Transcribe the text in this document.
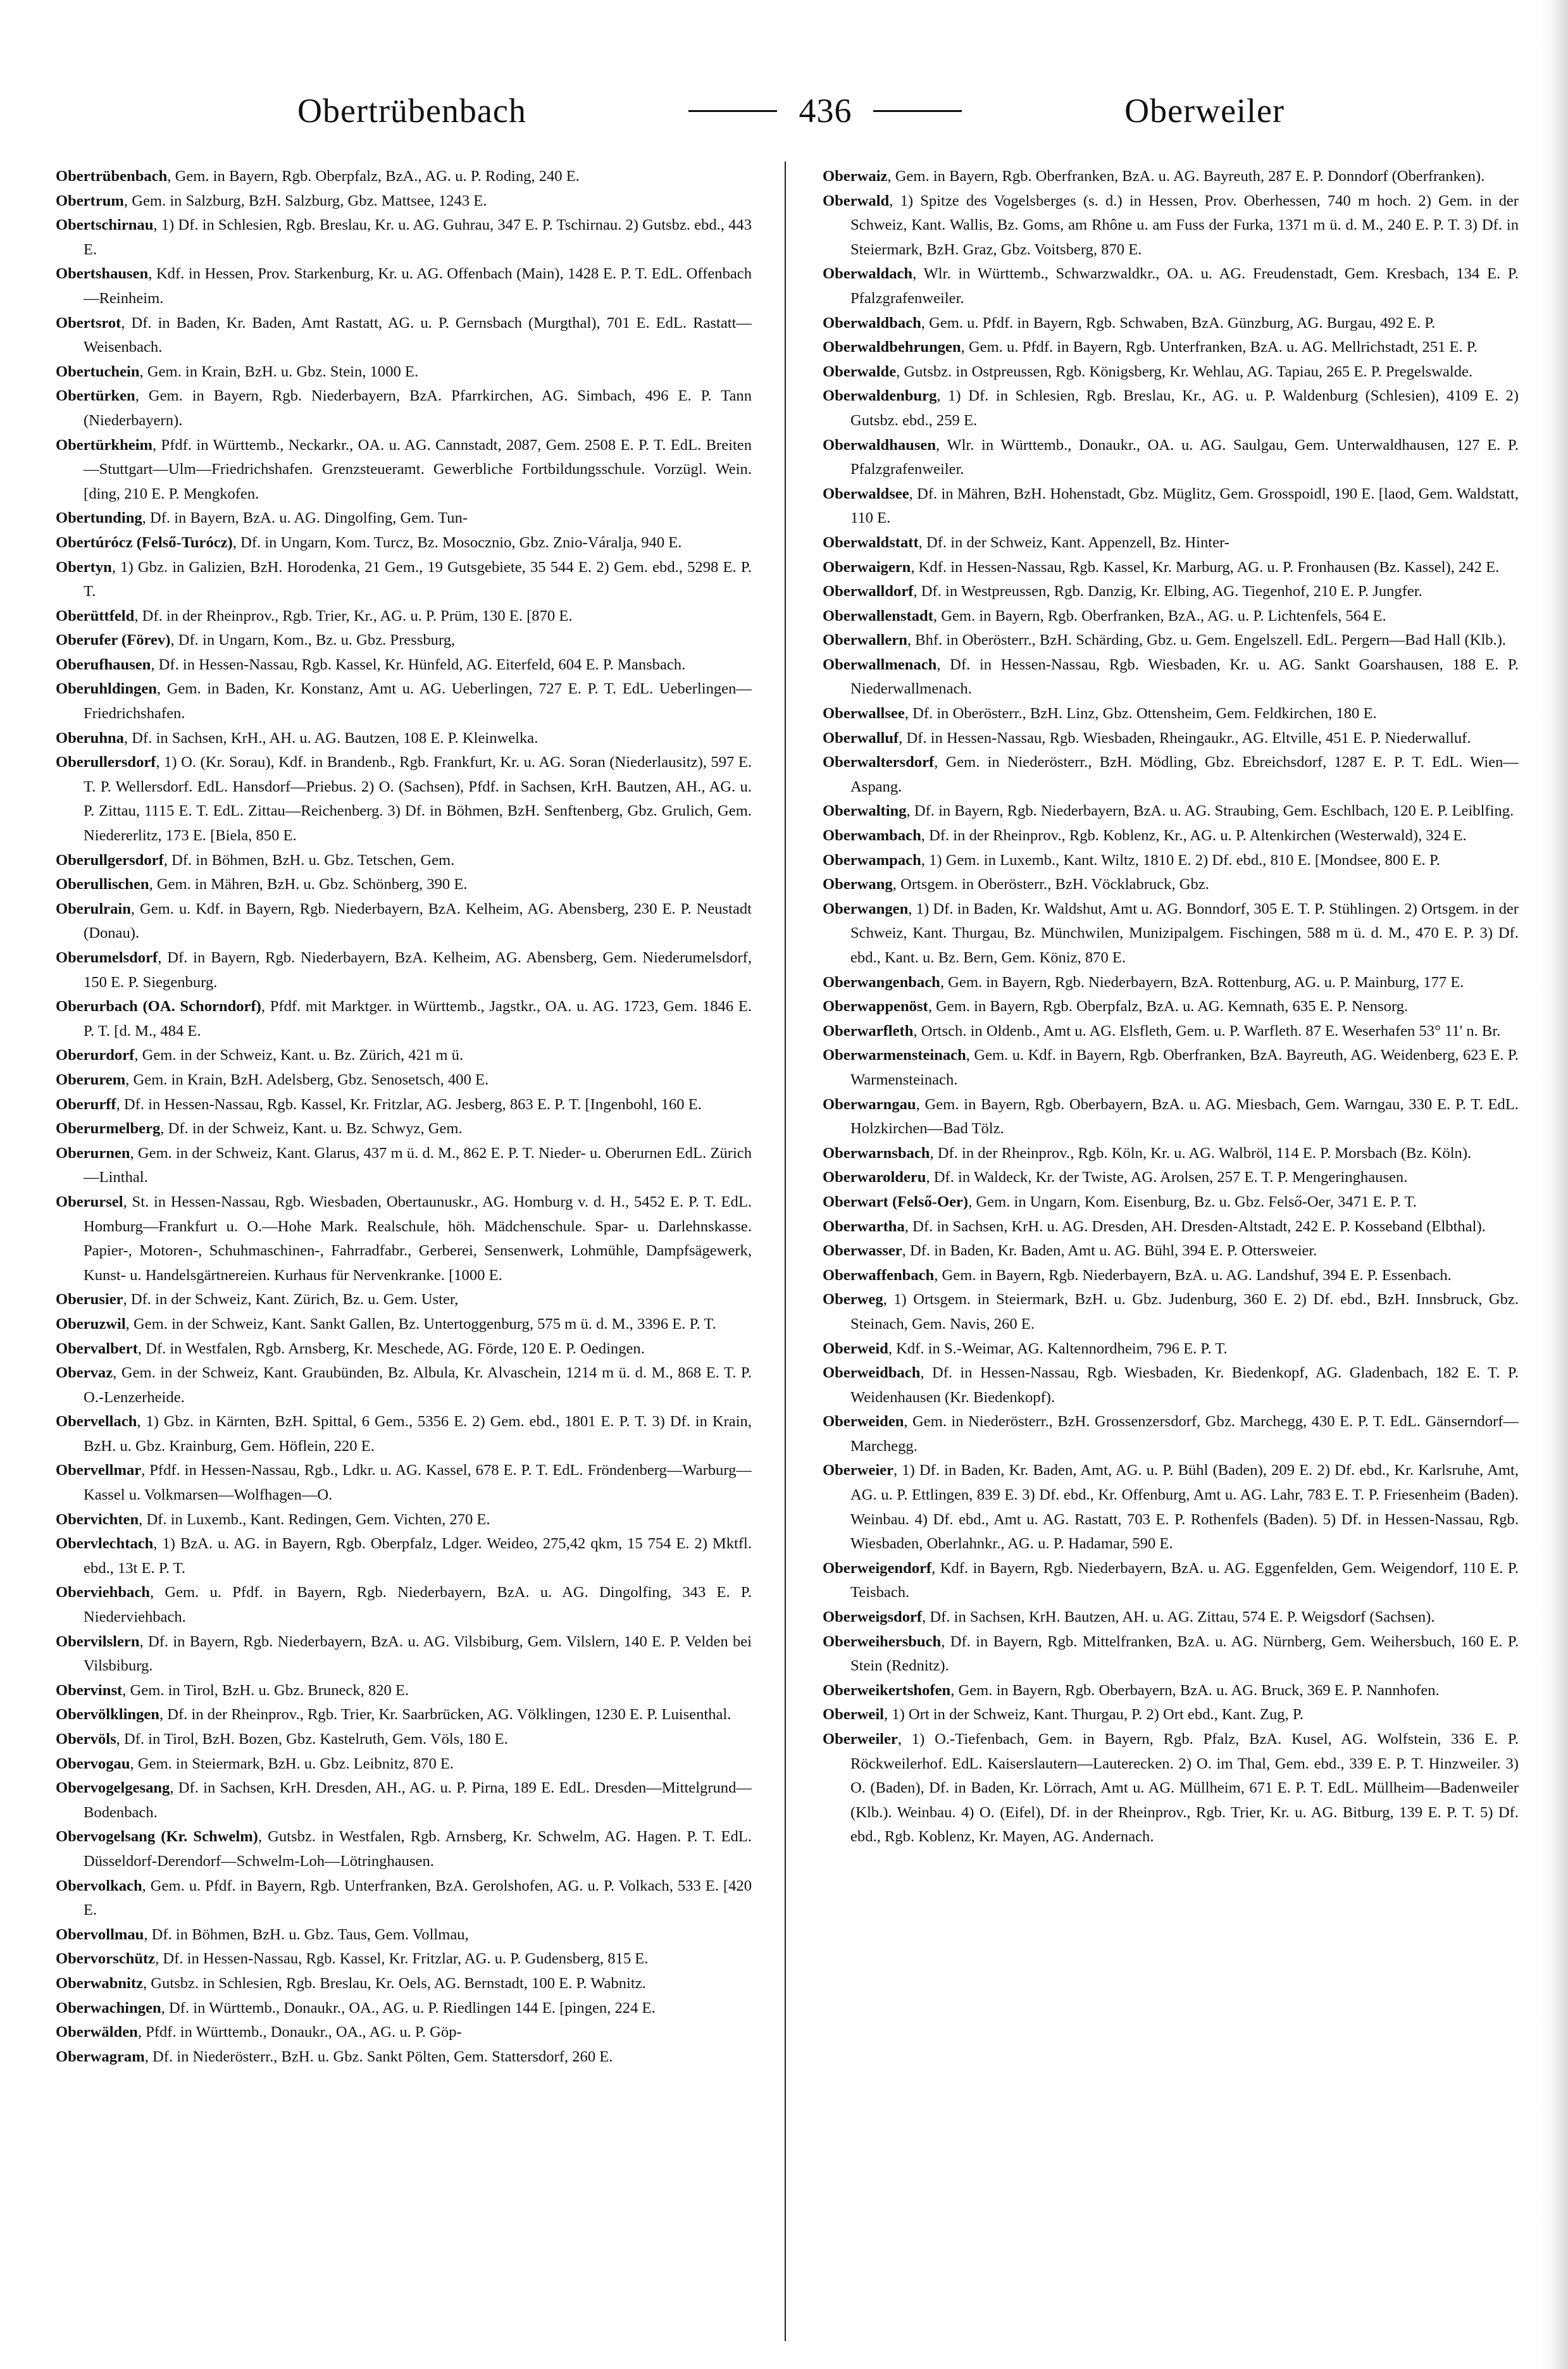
Obertrübenbach	436	Oberweiler

Obertrübenbach, Gem. in Bayern, Rgb. Oberpfalz, BzA., AG. u. P. Roding, 240 E.

Obertrum, Gem. in Salzburg, BzH. Salzburg, Gbz. Mattsee, 1243 E.

Obertschirnau, 1) Df. in Schlesien, Rgb. Breslau, Kr. u. AG. Guhrau, 347 E. P. Tschirnau. 2) Gutsbz. ebd., 443 E.

Obertshausen, Kdf. in Hessen, Prov. Starkenburg, Kr. u. AG. Offenbach (Main), 1428 E. P. T. EdL. Offenbach—Reinheim.

Obertsrot, Df. in Baden, Kr. Baden, Amt Rastatt, AG. u. P. Gernsbach (Murgthal), 701 E. EdL. Rastatt—Weisenbach.

Obertuchein, Gem. in Krain, BzH. u. Gbz. Stein, 1000 E.

Obertürken, Gem. in Bayern, Rgb. Niederbayern, BzA. Pfarrkirchen, AG. Simbach, 496 E. P. Tann (Niederbayern).

Obertürkheim, Pfdf. in Württemb., Neckarkr., OA. u. AG. Cannstadt, 2087, Gem. 2508 E. P. T. EdL. Breiten—Stuttgart—Ulm—Friedrichshafen. Grenzsteueramt. Gewerbliche Fortbildungsschule. Vorzügl. Wein. [ding, 210 E. P. Mengkofen.

Obertunding, Df. in Bayern, BzA. u. AG. Dingolfing, Gem. Tun-

Obertúrócz (Felső-Turócz), Df. in Ungarn, Kom. Turcz, Bz. Mosocznio, Gbz. Znio-Váralja, 940 E.

Obertyn, 1) Gbz. in Galizien, BzH. Horodenka, 21 Gem., 19 Gutsgebiete, 35 544 E. 2) Gem. ebd., 5298 E. P. T.

Oberüttfeld, Df. in der Rheinprov., Rgb. Trier, Kr., AG. u. P. Prüm, 130 E. [870 E.

Oberufer (Förev), Df. in Ungarn, Kom., Bz. u. Gbz. Pressburg,

Oberufhausen, Df. in Hessen-Nassau, Rgb. Kassel, Kr. Hünfeld, AG. Eiterfeld, 604 E. P. Mansbach.

Oberuhldingen, Gem. in Baden, Kr. Konstanz, Amt u. AG. Ueberlingen, 727 E. P. T. EdL. Ueberlingen—Friedrichshafen.

Oberuhna, Df. in Sachsen, KrH., AH. u. AG. Bautzen, 108 E. P. Kleinwelka.

Oberullersdorf, 1) O. (Kr. Sorau), Kdf. in Brandenb., Rgb. Frankfurt, Kr. u. AG. Soran (Niederlausitz), 597 E. T. P. Wellersdorf. EdL. Hansdorf—Priebus. 2) O. (Sachsen), Pfdf. in Sachsen, KrH. Bautzen, AH., AG. u. P. Zittau, 1115 E. T. EdL. Zittau—Reichenberg. 3) Df. in Böhmen, BzH. Senftenberg, Gbz. Grulich, Gem. Niedererlitz, 173 E. [Biela, 850 E.

Oberullgersdorf, Df. in Böhmen, BzH. u. Gbz. Tetschen, Gem.

Oberullischen, Gem. in Mähren, BzH. u. Gbz. Schönberg, 390 E.

Oberulrain, Gem. u. Kdf. in Bayern, Rgb. Niederbayern, BzA. Kelheim, AG. Abensberg, 230 E. P. Neustadt (Donau).

Oberumelsdorf, Df. in Bayern, Rgb. Niederbayern, BzA. Kelheim, AG. Abensberg, Gem. Niederumelsdorf, 150 E. P. Siegenburg.

Oberurbach (OA. Schorndorf), Pfdf. mit Marktger. in Württemb., Jagstkr., OA. u. AG. 1723, Gem. 1846 E. P. T. [d. M., 484 E.

Oberurdorf, Gem. in der Schweiz, Kant. u. Bz. Zürich, 421 m ü.

Oberurem, Gem. in Krain, BzH. Adelsberg, Gbz. Senosetsch, 400 E.

Oberurff, Df. in Hessen-Nassau, Rgb. Kassel, Kr. Fritzlar, AG. Jesberg, 863 E. P. T. [Ingenbohl, 160 E.

Oberurmelberg, Df. in der Schweiz, Kant. u. Bz. Schwyz, Gem.

Oberurnen, Gem. in der Schweiz, Kant. Glarus, 437 m ü. d. M., 862 E. P. T. Nieder- u. Oberurnen EdL. Zürich—Linthal.

Oberursel, St. in Hessen-Nassau, Rgb. Wiesbaden, Obertaunuskr., AG. Homburg v. d. H., 5452 E. P. T. EdL. Homburg—Frankfurt u. O.—Hohe Mark. Realschule, höh. Mädchenschule. Spar- u. Darlehnskasse. Papier-, Motoren-, Schuhmaschinen-, Fahrradfabr., Gerberei, Sensenwerk, Lohmühle, Dampfsägewerk, Kunst- u. Handelsgärtnereien. Kurhaus für Nervenkranke. [1000 E.

Oberusier, Df. in der Schweiz, Kant. Zürich, Bz. u. Gem. Uster,

Oberuzwil, Gem. in der Schweiz, Kant. Sankt Gallen, Bz. Untertoggenburg, 575 m ü. d. M., 3396 E. P. T.

Obervalbert, Df. in Westfalen, Rgb. Arnsberg, Kr. Meschede, AG. Förde, 120 E. P. Oedingen.

Obervaz, Gem. in der Schweiz, Kant. Graubünden, Bz. Albula, Kr. Alvaschein, 1214 m ü. d. M., 868 E. T. P. O.-Lenzerheide.

Obervellach, 1) Gbz. in Kärnten, BzH. Spittal, 6 Gem., 5356 E. 2) Gem. ebd., 1801 E. P. T. 3) Df. in Krain, BzH. u. Gbz. Krainburg, Gem. Höflein, 220 E.

Obervellmar, Pfdf. in Hessen-Nassau, Rgb., Ldkr. u. AG. Kassel, 678 E. P. T. EdL. Fröndenberg—Warburg—Kassel u. Volkmarsen—Wolfhagen—O.

Obervichten, Df. in Luxemb., Kant. Redingen, Gem. Vichten, 270 E.

Obervlechtach, 1) BzA. u. AG. in Bayern, Rgb. Oberpfalz, Ldger. Weideo, 275,42 qkm, 15 754 E. 2) Mktfl. ebd., 13t E. P. T.

Oberviehbach, Gem. u. Pfdf. in Bayern, Rgb. Niederbayern, BzA. u. AG. Dingolfing, 343 E. P. Niederviehbach.

Obervilslern, Df. in Bayern, Rgb. Niederbayern, BzA. u. AG. Vilsbiburg, Gem. Vilslern, 140 E. P. Velden bei Vilsbiburg.

Obervinst, Gem. in Tirol, BzH. u. Gbz. Bruneck, 820 E.

Obervölklingen, Df. in der Rheinprov., Rgb. Trier, Kr. Saarbrücken, AG. Völklingen, 1230 E. P. Luisenthal.

Obervöls, Df. in Tirol, BzH. Bozen, Gbz. Kastelruth, Gem. Völs, 180 E.

Obervogau, Gem. in Steiermark, BzH. u. Gbz. Leibnitz, 870 E.

Obervogelgesang, Df. in Sachsen, KrH. Dresden, AH., AG. u. P. Pirna, 189 E. EdL. Dresden—Mittelgrund—Bodenbach.

Obervogelsang (Kr. Schwelm), Gutsbz. in Westfalen, Rgb. Arnsberg, Kr. Schwelm, AG. Hagen. P. T. EdL. Düsseldorf-Derendorf—Schwelm-Loh—Lötringhausen.

Obervolkach, Gem. u. Pfdf. in Bayern, Rgb. Unterfranken, BzA. Gerolshofen, AG. u. P. Volkach, 533 E. [420 E.

Obervollmau, Df. in Böhmen, BzH. u. Gbz. Taus, Gem. Vollmau,

Obervorschütz, Df. in Hessen-Nassau, Rgb. Kassel, Kr. Fritzlar, AG. u. P. Gudensberg, 815 E.

Oberwabnitz, Gutsbz. in Schlesien, Rgb. Breslau, Kr. Oels, AG. Bernstadt, 100 E. P. Wabnitz.

Oberwachingen, Df. in Württemb., Donaukr., OA., AG. u. P. Riedlingen 144 E. [pingen, 224 E.

Oberwälden, Pfdf. in Württemb., Donaukr., OA., AG. u. P. Göp-

Oberwagram, Df. in Niederösterr., BzH. u. Gbz. Sankt Pölten, Gem. Stattersdorf, 260 E.

Oberwaiz, Gem. in Bayern, Rgb. Oberfranken, BzA. u. AG. Bayreuth, 287 E. P. Donndorf (Oberfranken).

Oberwald, 1) Spitze des Vogelsberges (s. d.) in Hessen, Prov. Oberhessen, 740 m hoch. 2) Gem. in der Schweiz, Kant. Wallis, Bz. Goms, am Rhône u. am Fuss der Furka, 1371 m ü. d. M., 240 E. P. T. 3) Df. in Steiermark, BzH. Graz, Gbz. Voitsberg, 870 E.

Oberwaldach, Wlr. in Württemb., Schwarzwaldkr., OA. u. AG. Freudenstadt, Gem. Kresbach, 134 E. P. Pfalzgrafenweiler.

Oberwaldbach, Gem. u. Pfdf. in Bayern, Rgb. Schwaben, BzA. Günzburg, AG. Burgau, 492 E. P.

Oberwaldbehrungen, Gem. u. Pfdf. in Bayern, Rgb. Unterfranken, BzA. u. AG. Mellrichstadt, 251 E. P.

Oberwalde, Gutsbz. in Ostpreussen, Rgb. Königsberg, Kr. Wehlau, AG. Tapiau, 265 E. P. Pregelswalde.

Oberwaldenburg, 1) Df. in Schlesien, Rgb. Breslau, Kr., AG. u. P. Waldenburg (Schlesien), 4109 E. 2) Gutsbz. ebd., 259 E.

Oberwaldhausen, Wlr. in Württemb., Donaukr., OA. u. AG. Saulgau, Gem. Unterwaldhausen, 127 E. P. Pfalzgrafenweiler.

Oberwaldsee, Df. in Mähren, BzH. Hohenstadt, Gbz. Müglitz, Gem. Grosspoidl, 190 E. [laod, Gem. Waldstatt, 110 E.

Oberwaldstatt, Df. in der Schweiz, Kant. Appenzell, Bz. Hinter-

Oberwaigern, Kdf. in Hessen-Nassau, Rgb. Kassel, Kr. Marburg, AG. u. P. Fronhausen (Bz. Kassel), 242 E.

Oberwalldorf, Df. in Westpreussen, Rgb. Danzig, Kr. Elbing, AG. Tiegenhof, 210 E. P. Jungfer.

Oberwallenstadt, Gem. in Bayern, Rgb. Oberfranken, BzA., AG. u. P. Lichtenfels, 564 E.

Oberwallern, Bhf. in Oberösterr., BzH. Schärding, Gbz. u. Gem. Engelszell. EdL. Pergern—Bad Hall (Klb.).

Oberwallmenach, Df. in Hessen-Nassau, Rgb. Wiesbaden, Kr. u. AG. Sankt Goarshausen, 188 E. P. Niederwallmenach.

Oberwallsee, Df. in Oberösterr., BzH. Linz, Gbz. Ottensheim, Gem. Feldkirchen, 180 E.

Oberwalluf, Df. in Hessen-Nassau, Rgb. Wiesbaden, Rheingaukr., AG. Eltville, 451 E. P. Niederwalluf.

Oberwaltersdorf, Gem. in Niederösterr., BzH. Mödling, Gbz. Ebreichsdorf, 1287 E. P. T. EdL. Wien—Aspang.

Oberwalting, Df. in Bayern, Rgb. Niederbayern, BzA. u. AG. Straubing, Gem. Eschlbach, 120 E. P. Leiblfing.

Oberwambach, Df. in der Rheinprov., Rgb. Koblenz, Kr., AG. u. P. Altenkirchen (Westerwald), 324 E.

Oberwampach, 1) Gem. in Luxemb., Kant. Wiltz, 1810 E. 2) Df. ebd., 810 E. [Mondsee, 800 E. P.

Oberwang, Ortsgem. in Oberösterr., BzH. Vöcklabruck, Gbz.

Oberwangen, 1) Df. in Baden, Kr. Waldshut, Amt u. AG. Bonndorf, 305 E. T. P. Stühlingen. 2) Ortsgem. in der Schweiz, Kant. Thurgau, Bz. Münchwilen, Munizipalgem. Fischingen, 588 m ü. d. M., 470 E. P. 3) Df. ebd., Kant. u. Bz. Bern, Gem. Köniz, 870 E.

Oberwangenbach, Gem. in Bayern, Rgb. Niederbayern, BzA. Rottenburg, AG. u. P. Mainburg, 177 E.

Oberwappenöst, Gem. in Bayern, Rgb. Oberpfalz, BzA. u. AG. Kemnath, 635 E. P. Nensorg.

Oberwarfleth, Ortsch. in Oldenb., Amt u. AG. Elsfleth, Gem. u. P. Warfleth. 87 E. Weserhafen 53° 11' n. Br.

Oberwarmensteinach, Gem. u. Kdf. in Bayern, Rgb. Oberfranken, BzA. Bayreuth, AG. Weidenberg, 623 E. P. Warmensteinach.

Oberwarngau, Gem. in Bayern, Rgb. Oberbayern, BzA. u. AG. Miesbach, Gem. Warngau, 330 E. P. T. EdL. Holzkirchen—Bad Tölz.

Oberwarnsbach, Df. in der Rheinprov., Rgb. Köln, Kr. u. AG. Walbröl, 114 E. P. Morsbach (Bz. Köln).

Oberwarolderu, Df. in Waldeck, Kr. der Twiste, AG. Arolsen, 257 E. T. P. Mengeringhausen.

Oberwart (Felső-Oer), Gem. in Ungarn, Kom. Eisenburg, Bz. u. Gbz. Felső-Oer, 3471 E. P. T.

Oberwartha, Df. in Sachsen, KrH. u. AG. Dresden, AH. Dresden-Altstadt, 242 E. P. Kosseband (Elbthal).

Oberwasser, Df. in Baden, Kr. Baden, Amt u. AG. Bühl, 394 E. P. Ottersweier.

Oberwaffenbach, Gem. in Bayern, Rgb. Niederbayern, BzA. u. AG. Landshuf, 394 E. P. Essenbach.

Oberweg, 1) Ortsgem. in Steiermark, BzH. u. Gbz. Judenburg, 360 E. 2) Df. ebd., BzH. Innsbruck, Gbz. Steinach, Gem. Navis, 260 E.

Oberweid, Kdf. in S.-Weimar, AG. Kaltennordheim, 796 E. P. T.

Oberweidbach, Df. in Hessen-Nassau, Rgb. Wiesbaden, Kr. Biedenkopf, AG. Gladenbach, 182 E. T. P. Weidenhausen (Kr. Biedenkopf).

Oberweiden, Gem. in Niederösterr., BzH. Grossenzersdorf, Gbz. Marchegg, 430 E. P. T. EdL. Gänserndorf—Marchegg.

Oberweier, 1) Df. in Baden, Kr. Baden, Amt, AG. u. P. Bühl (Baden), 209 E. 2) Df. ebd., Kr. Karlsruhe, Amt, AG. u. P. Ettlingen, 839 E. 3) Df. ebd., Kr. Offenburg, Amt u. AG. Lahr, 783 E. T. P. Friesenheim (Baden). Weinbau. 4) Df. ebd., Amt u. AG. Rastatt, 703 E. P. Rothenfels (Baden). 5) Df. in Hessen-Nassau, Rgb. Wiesbaden, Oberlahnkr., AG. u. P. Hadamar, 590 E.

Oberweigendorf, Kdf. in Bayern, Rgb. Niederbayern, BzA. u. AG. Eggenfelden, Gem. Weigendorf, 110 E. P. Teisbach.

Oberweigsdorf, Df. in Sachsen, KrH. Bautzen, AH. u. AG. Zittau, 574 E. P. Weigsdorf (Sachsen).

Oberweihersbuch, Df. in Bayern, Rgb. Mittelfranken, BzA. u. AG. Nürnberg, Gem. Weihersbuch, 160 E. P. Stein (Rednitz).

Oberweikertshofen, Gem. in Bayern, Rgb. Oberbayern, BzA. u. AG. Bruck, 369 E. P. Nannhofen.

Oberweil, 1) Ort in der Schweiz, Kant. Thurgau, P. 2) Ort ebd., Kant. Zug, P.

Oberweiler, 1) O.-Tiefenbach, Gem. in Bayern, Rgb. Pfalz, BzA. Kusel, AG. Wolfstein, 336 E. P. Röckweilerhof. EdL. Kaiserslautern—Lauterecken. 2) O. im Thal, Gem. ebd., 339 E. P. T. Hinzweiler. 3) O. (Baden), Df. in Baden, Kr. Lörrach, Amt u. AG. Müllheim, 671 E. P. T. EdL. Müllheim—Badenweiler (Klb.). Weinbau. 4) O. (Eifel), Df. in der Rheinprov., Rgb. Trier, Kr. u. AG. Bitburg, 139 E. P. T. 5) Df. ebd., Rgb. Koblenz, Kr. Mayen, AG. Andernach.
